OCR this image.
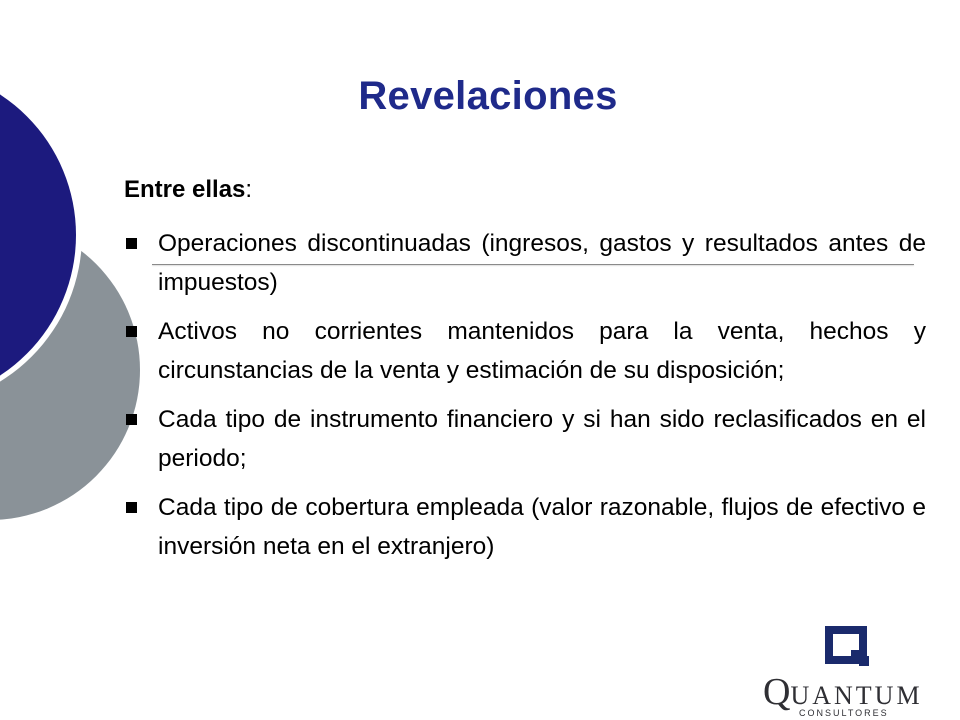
Revelaciones

Entre ellas:

Operaciones discontinuadas (ingresos, gastos y resultados antes de impuestos)
Activos no corrientes mantenidos para la venta, hechos y circunstancias de la venta y estimación de su disposición;
Cada tipo de instrumento financiero y si han sido reclasificados en el periodo;
Cada tipo de cobertura empleada (valor razonable, flujos de efectivo e inversión neta en el extranjero)
QUANTUM
CONSULTORES
